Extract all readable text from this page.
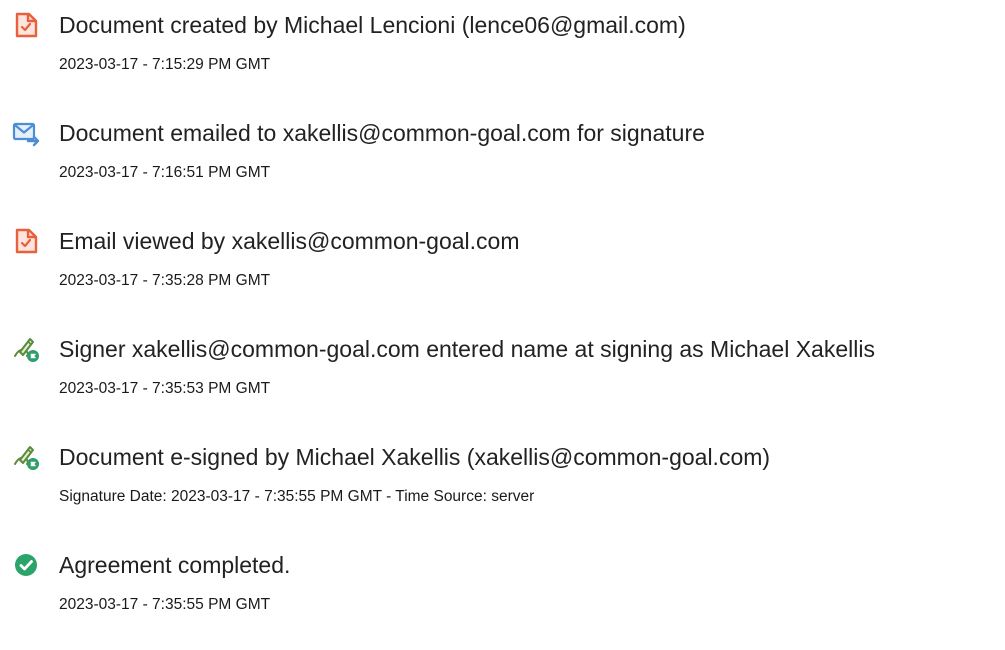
Document created by Michael Lencioni (lence06@gmail.com)
2023-03-17 - 7:15:29 PM GMT
Document emailed to xakellis@common-goal.com for signature
2023-03-17 - 7:16:51 PM GMT
Email viewed by xakellis@common-goal.com
2023-03-17 - 7:35:28 PM GMT
Signer xakellis@common-goal.com entered name at signing as Michael Xakellis
2023-03-17 - 7:35:53 PM GMT
Document e-signed by Michael Xakellis (xakellis@common-goal.com)
Signature Date: 2023-03-17 - 7:35:55 PM GMT - Time Source: server
Agreement completed.
2023-03-17 - 7:35:55 PM GMT
